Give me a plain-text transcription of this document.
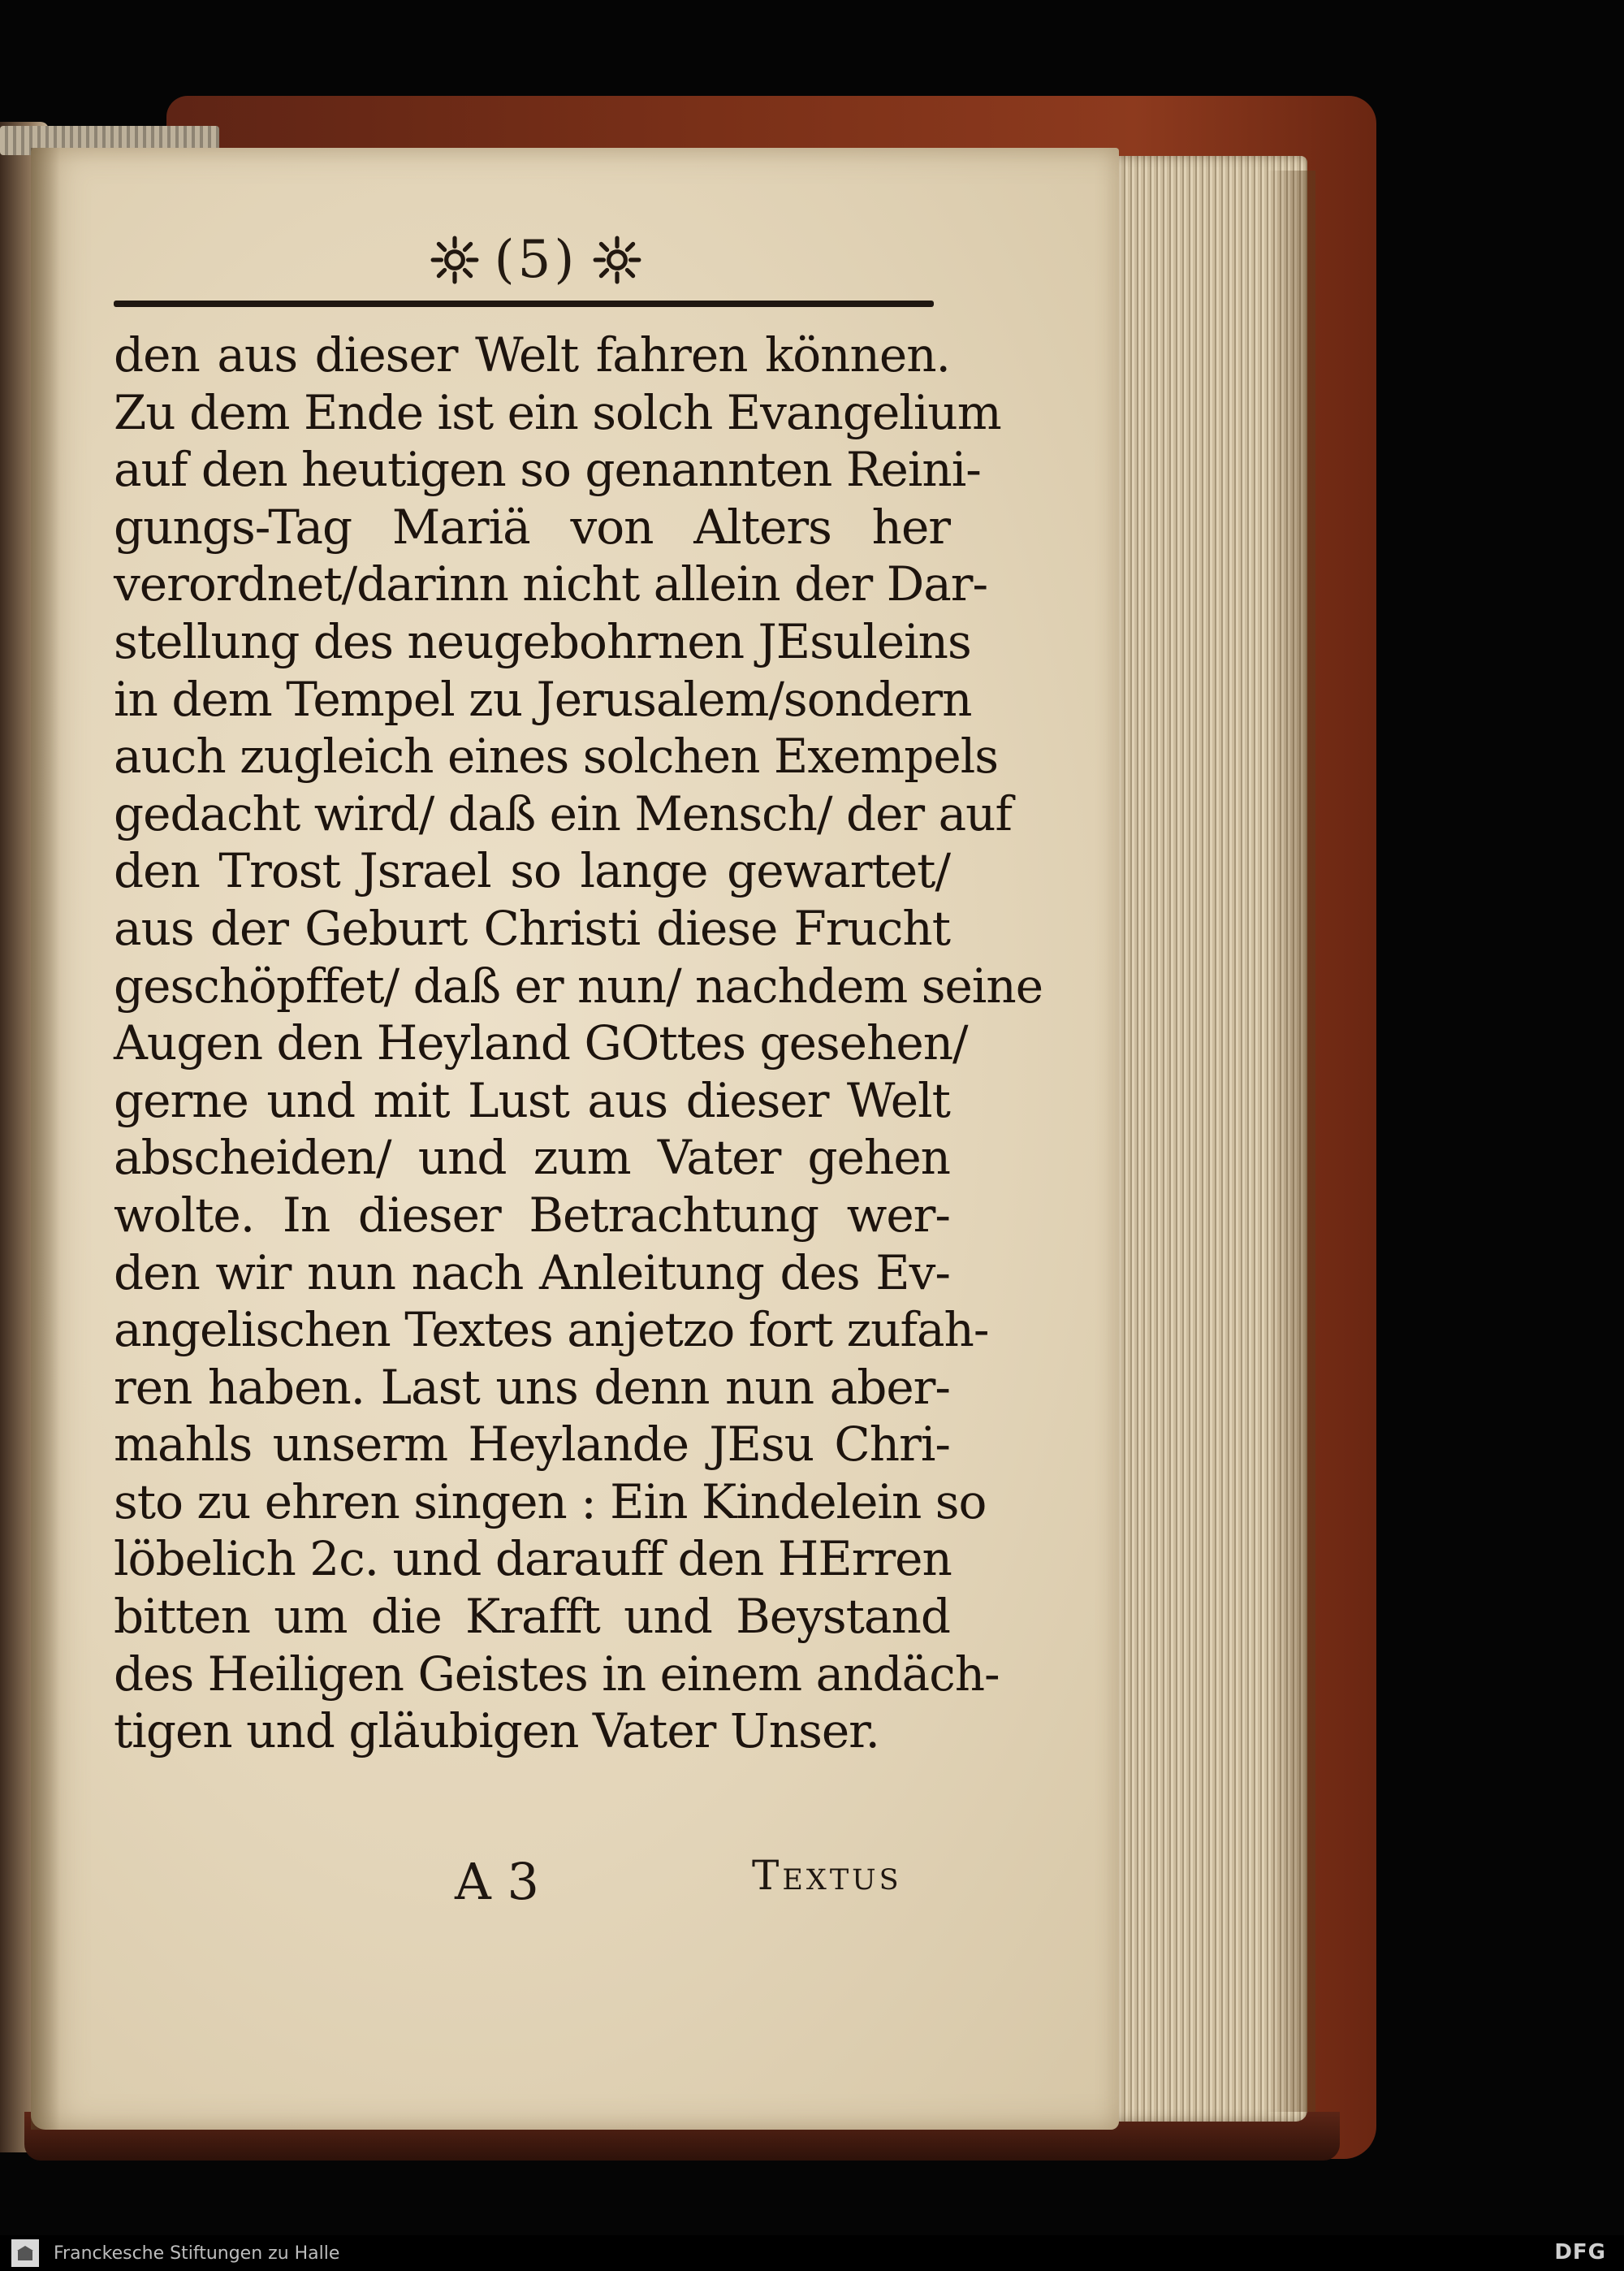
(5)
den aus dieser Welt fahren können.
Zu dem Ende ist ein solch Evangelium
auf den heutigen so genannten Reini-
gungs-Tag Mariä von Alters her
verordnet/darinn nicht allein der Dar-
stellung des neugebohrnen JEsuleins
in dem Tempel zu Jerusalem/sondern
auch zugleich eines solchen Exempels
gedacht wird/ daß ein Mensch/ der auf
den Trost Jsrael so lange gewartet/
aus der Geburt Christi diese Frucht
geschöpffet/ daß er nun/ nachdem seine
Augen den Heyland GOttes gesehen/
gerne und mit Lust aus dieser Welt
abscheiden/ und zum Vater gehen
wolte. In dieser Betrachtung wer-
den wir nun nach Anleitung des Ev-
angelischen Textes anjetzo fort zufah-
ren haben. Last uns denn nun aber-
mahls unserm Heylande JEsu Chri-
sto zu ehren singen : Ein Kindelein so
löbelich 2c. und darauff den HErren
bitten um die Krafft und Beystand
des Heiligen Geistes in einem andäch-
tigen und gläubigen Vater Unser.
A 3	Textus
Franckesche Stiftungen zu Halle	DFG
